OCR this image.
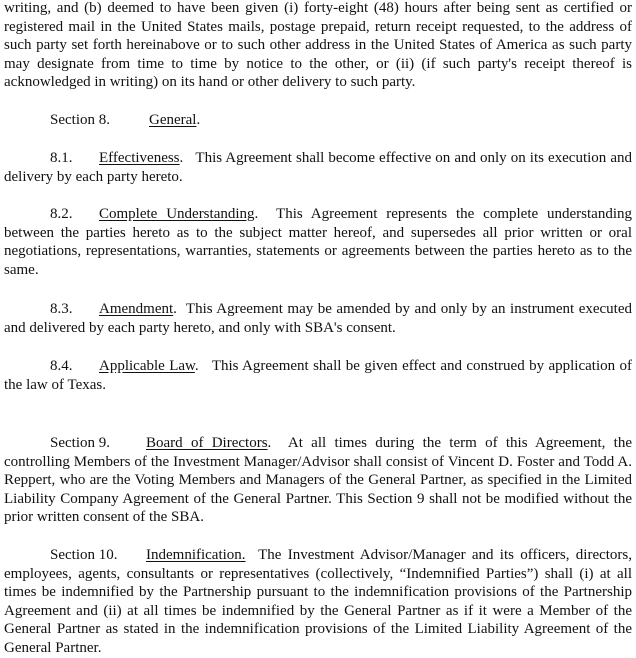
writing, and (b) deemed to have been given (i) forty-eight (48) hours after being sent as certified or registered mail in the United States mails, postage prepaid, return receipt requested, to the address of such party set forth hereinabove or to such other address in the United States of America as such party may designate from time to time by notice to the other, or (ii) (if such party's receipt thereof is acknowledged in writing) on its hand or other delivery to such party.

Section 8.	General.

8.1. Effectiveness.   This Agreement shall become effective on and only on its execution and delivery by each party hereto.

8.2. Complete Understanding.  This Agreement represents the complete understanding between the parties hereto as to the subject matter hereof, and supersedes all prior written or oral negotiations, representations, warranties, statements or agreements between the parties hereto as to the same.

8.3. Amendment.  This Agreement may be amended by and only by an instrument executed and delivered by each party hereto, and only with SBA's consent.

8.4. Applicable Law.   This Agreement shall be given effect and construed by application of the law of Texas.

Section 9. Board of Directors.  At all times during the term of this Agreement, the controlling Members of the Investment Manager/Advisor shall consist of Vincent D. Foster and Todd A. Reppert, who are the Voting Members and Managers of the General Partner, as specified in the Limited Liability Company Agreement of the General Partner. This Section 9 shall not be modified without the prior written consent of the SBA.

Section 10. Indemnification. The Investment Advisor/Manager and its officers, directors, employees, agents, consultants or representatives (collectively, “Indemnified Parties”) shall (i) at all times be indemnified by the Partnership pursuant to the indemnification provisions of the Partnership Agreement and (ii) at all times be indemnified by the General Partner as if it were a Member of the General Partner as stated in the indemnification provisions of the Limited Liability Agreement of the General Partner.
